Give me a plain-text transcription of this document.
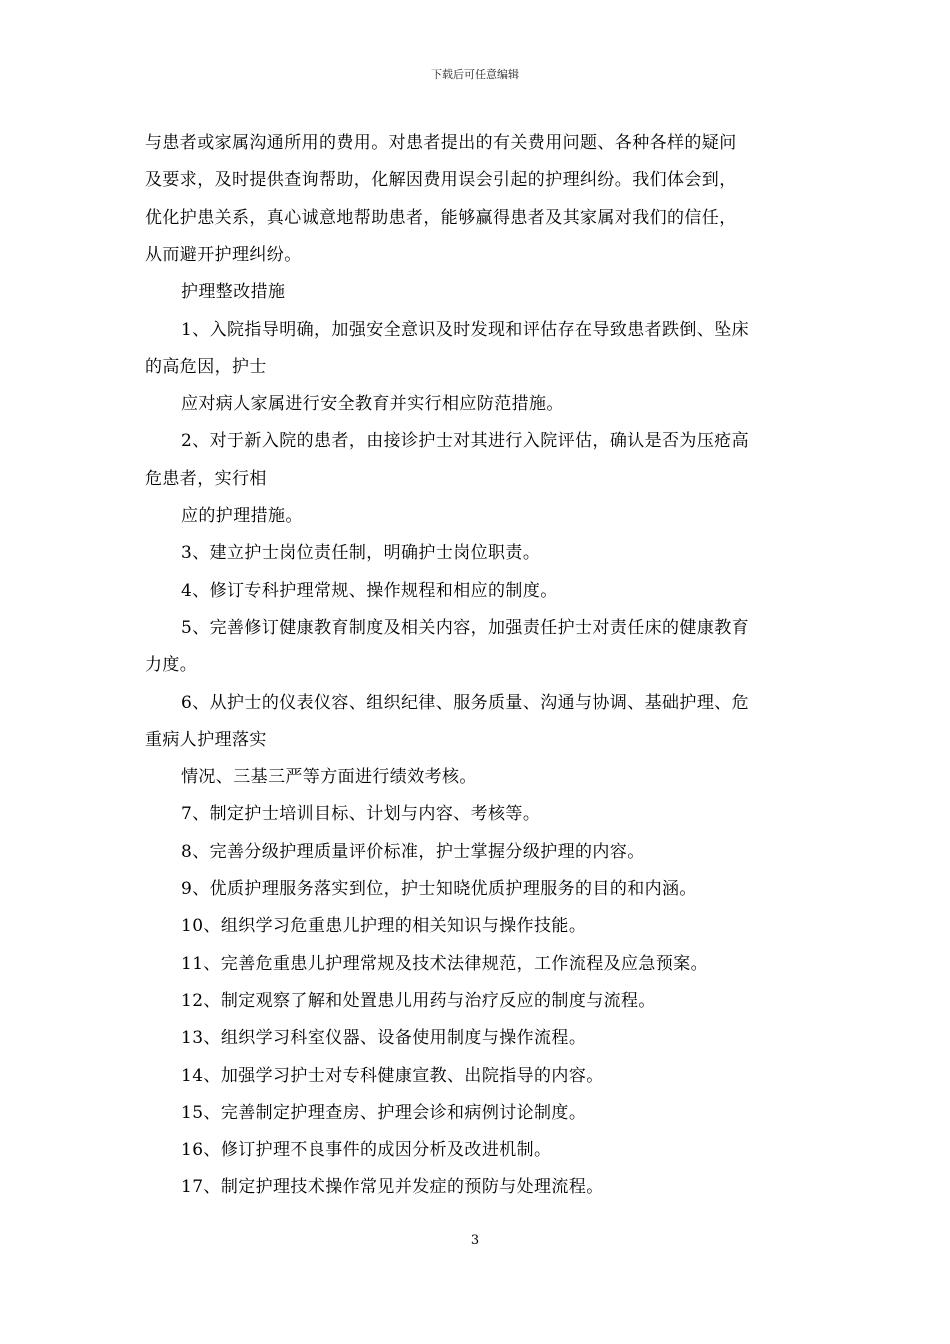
下载后可任意编辑
与患者或家属沟通所用的费用。对患者提出的有关费用问题、各种各样的疑问
及要求，及时提供查询帮助，化解因费用误会引起的护理纠纷。我们体会到，
优化护患关系，真心诚意地帮助患者，能够赢得患者及其家属对我们的信任，
从而避开护理纠纷。
护理整改措施
1、入院指导明确，加强安全意识及时发现和评估存在导致患者跌倒、坠床
的高危因，护士
应对病人家属进行安全教育并实行相应防范措施。
2、对于新入院的患者，由接诊护士对其进行入院评估，确认是否为压疮高
危患者，实行相
应的护理措施。
3、建立护士岗位责任制，明确护士岗位职责。
4、修订专科护理常规、操作规程和相应的制度。
5、完善修订健康教育制度及相关内容，加强责任护士对责任床的健康教育
力度。
6、从护士的仪表仪容、组织纪律、服务质量、沟通与协调、基础护理、危
重病人护理落实
情况、三基三严等方面进行绩效考核。
7、制定护士培训目标、计划与内容、考核等。
8、完善分级护理质量评价标准，护士掌握分级护理的内容。
9、优质护理服务落实到位，护士知晓优质护理服务的目的和内涵。
10、组织学习危重患儿护理的相关知识与操作技能。
11、完善危重患儿护理常规及技术法律规范，工作流程及应急预案。
12、制定观察了解和处置患儿用药与治疗反应的制度与流程。
13、组织学习科室仪器、设备使用制度与操作流程。
14、加强学习护士对专科健康宣教、出院指导的内容。
15、完善制定护理查房、护理会诊和病例讨论制度。
16、修订护理不良事件的成因分析及改进机制。
17、制定护理技术操作常见并发症的预防与处理流程。
3
